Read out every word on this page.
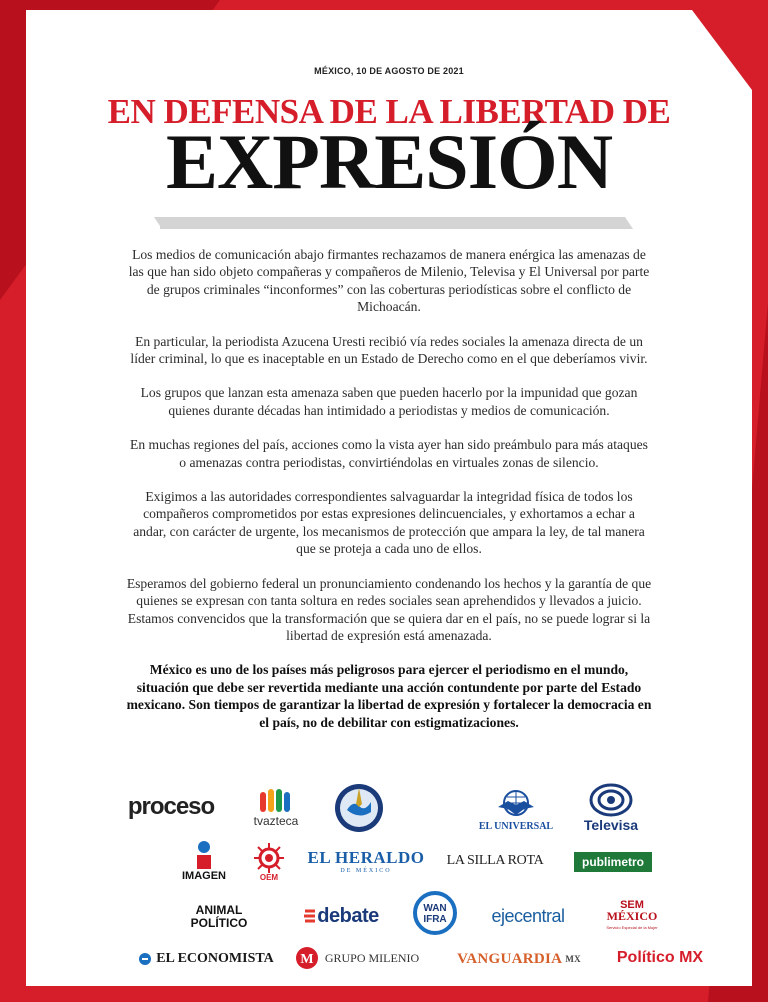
MÉXICO, 10 DE AGOSTO DE 2021
EN DEFENSA DE LA LIBERTAD DE
EXPRESIÓN

Los medios de comunicación abajo firmantes rechazamos de manera enérgica las amenazas de las que han sido objeto compañeras y compañeros de Milenio, Televisa y El Universal por parte de grupos criminales “inconformes” con las coberturas periodísticas sobre el conflicto de Michoacán.

En particular, la periodista Azucena Uresti recibió vía redes sociales la amenaza directa de un líder criminal, lo que es inaceptable en un Estado de Derecho como en el que deberíamos vivir.

Los grupos que lanzan esta amenaza saben que pueden hacerlo por la impunidad que gozan quienes durante décadas han intimidado a periodistas y medios de comunicación.

En muchas regiones del país, acciones como la vista ayer han sido preámbulo para más ataques o amenazas contra periodistas, convirtiéndolas en virtuales zonas de silencio.

Exigimos a las autoridades correspondientes salvaguardar la integridad física de todos los compañeros comprometidos por estas expresiones delincuenciales, y exhortamos a echar a andar, con carácter de urgente, los mecanismos de protección que ampara la ley, de tal manera que se proteja a cada uno de ellos.

Esperamos del gobierno federal un pronunciamiento condenando los hechos y la garantía de que quienes se expresan con tanta soltura en redes sociales sean aprehendidos y llevados a juicio. Estamos convencidos que la transformación que se quiera dar en el país, no se puede lograr si la libertad de expresión está amenazada.

México es uno de los países más peligrosos para ejercer el periodismo en el mundo, situación que debe ser revertida mediante una acción contundente por parte del Estado mexicano. Son tiempos de garantizar la libertad de expresión y fortalecer la democracia en el país, no de debilitar con estigmatizaciones.

proceso
tvazteca	EL UNIVERSAL Televisa
IMAGEN	OEM
EL HERALDO
DE MÉXICO
LA SILLA ROTA	publimetro
ANIMAL
POLÍTICO	debate	WAN
IFRA ejecentral
SEM
MÉXICO
Servicio Especial de la Mujer
EL ECONOMISTA M GRUPO MILENIO	VANGUARDIA MX Político MX
